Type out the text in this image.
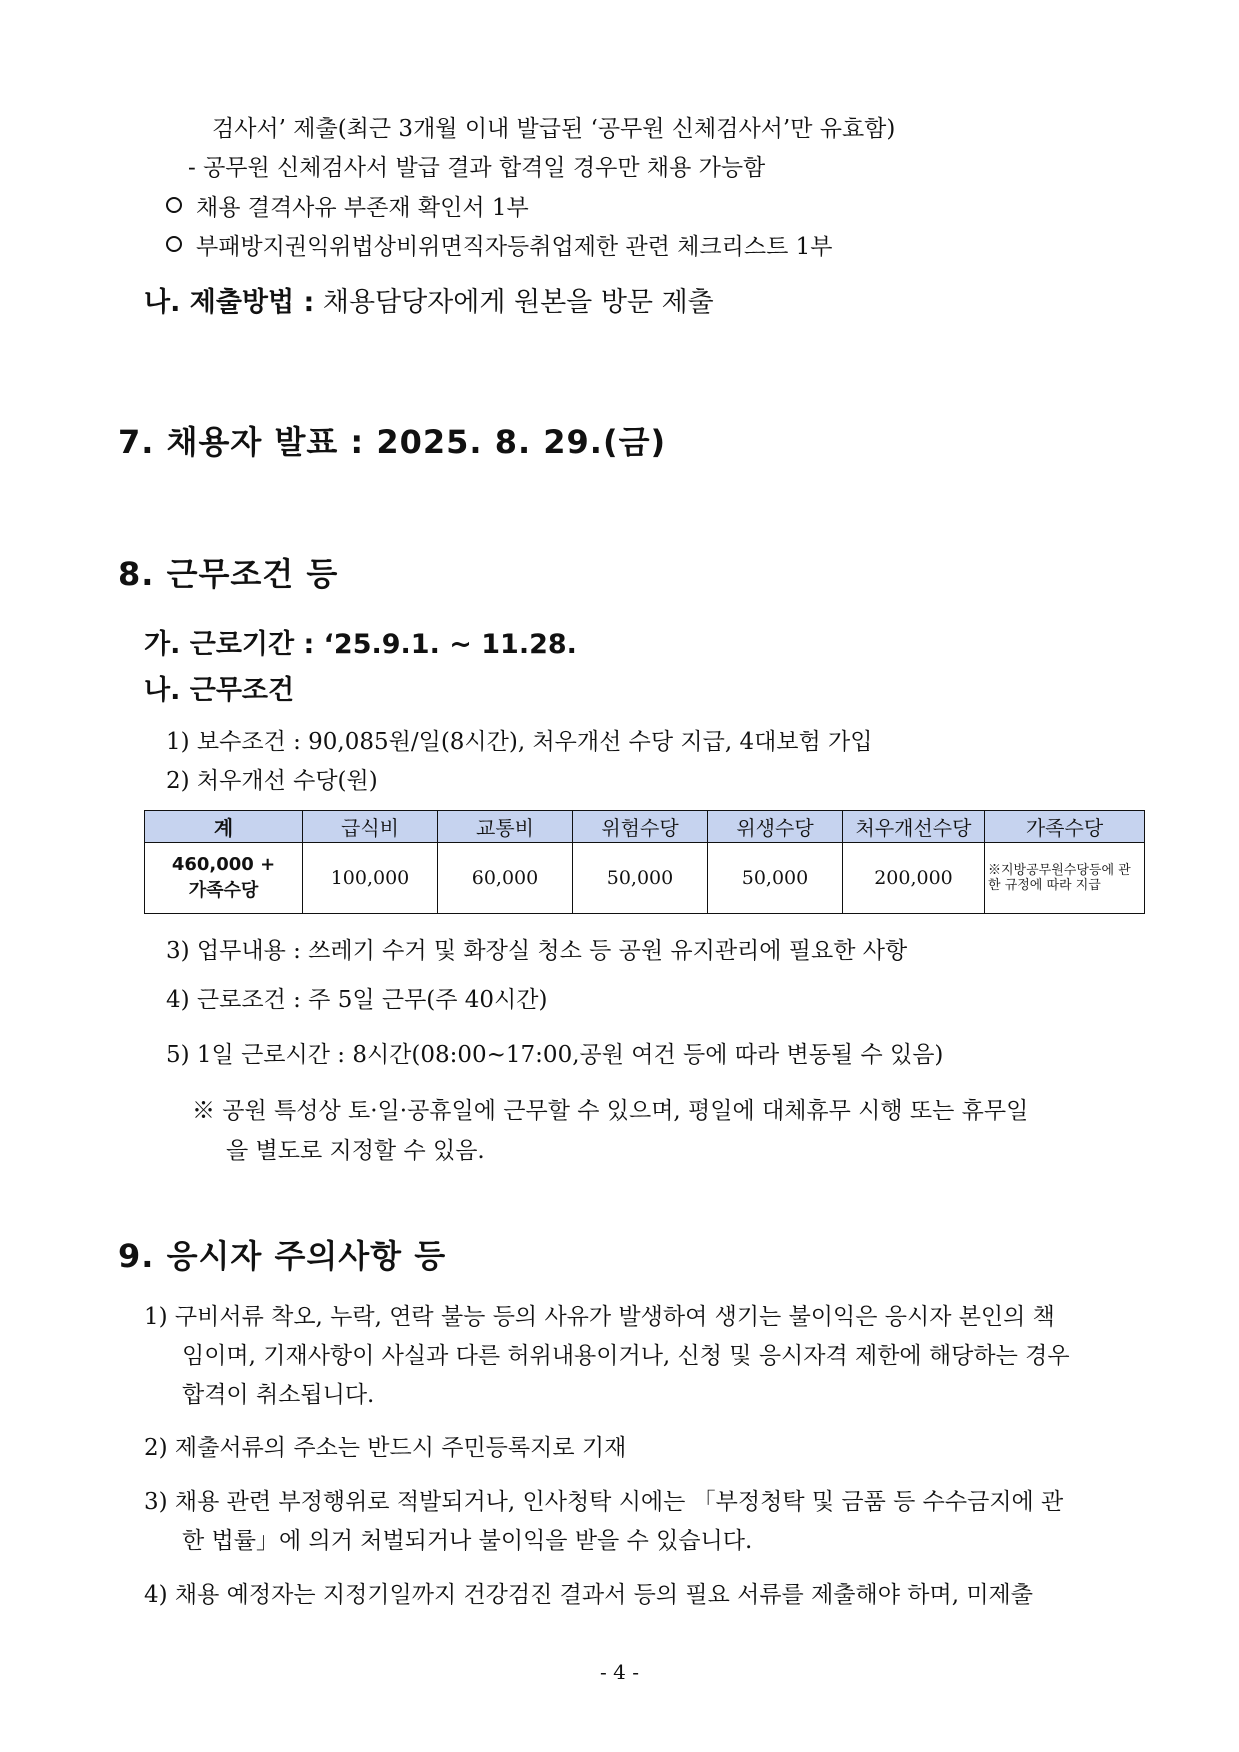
검사서’ 제출(최근 3개월 이내 발급된 ‘공무원 신체검사서’만 유효함)
- 공무원 신체검사서 발급 결과 합격일 경우만 채용 가능함
채용 결격사유 부존재 확인서 1부
부패방지권익위법상비위면직자등취업제한 관련 체크리스트 1부
나. 제출방법 : 채용담당자에게 원본을 방문 제출
7. 채용자 발표 : 2025. 8. 29.(금)
8. 근무조건 등
가. 근로기간 : ‘25.9.1. ~ 11.28.
나. 근무조건
1) 보수조건 : 90,085원/일(8시간), 처우개선 수당 지급, 4대보험 가입
2) 처우개선 수당(원)
계	급식비	교통비	위험수당	위생수당	처우개선수당	가족수당
460,000 +
가족수당	100,000	60,000	50,000	50,000	200,000	※지방공무원수당등에 관한 규정에 따라 지급
3) 업무내용 : 쓰레기 수거 및 화장실 청소 등 공원 유지관리에 필요한 사항
4) 근로조건 : 주 5일 근무(주 40시간)
5) 1일 근로시간 : 8시간(08:00~17:00,공원 여건 등에 따라 변동될 수 있음)
※ 공원 특성상 토·일·공휴일에 근무할 수 있으며, 평일에 대체휴무 시행 또는 휴무일
을 별도로 지정할 수 있음.
9. 응시자 주의사항 등
1) 구비서류 착오, 누락, 연락 불능 등의 사유가 발생하여 생기는 불이익은 응시자 본인의 책
임이며, 기재사항이 사실과 다른 허위내용이거나, 신청 및 응시자격 제한에 해당하는 경우
합격이 취소됩니다.
2) 제출서류의 주소는 반드시 주민등록지로 기재
3) 채용 관련 부정행위로 적발되거나, 인사청탁 시에는 「부정청탁 및 금품 등 수수금지에 관
한 법률」에 의거 처벌되거나 불이익을 받을 수 있습니다.
4) 채용 예정자는 지정기일까지 건강검진 결과서 등의 필요 서류를 제출해야 하며, 미제출
- 4 -
